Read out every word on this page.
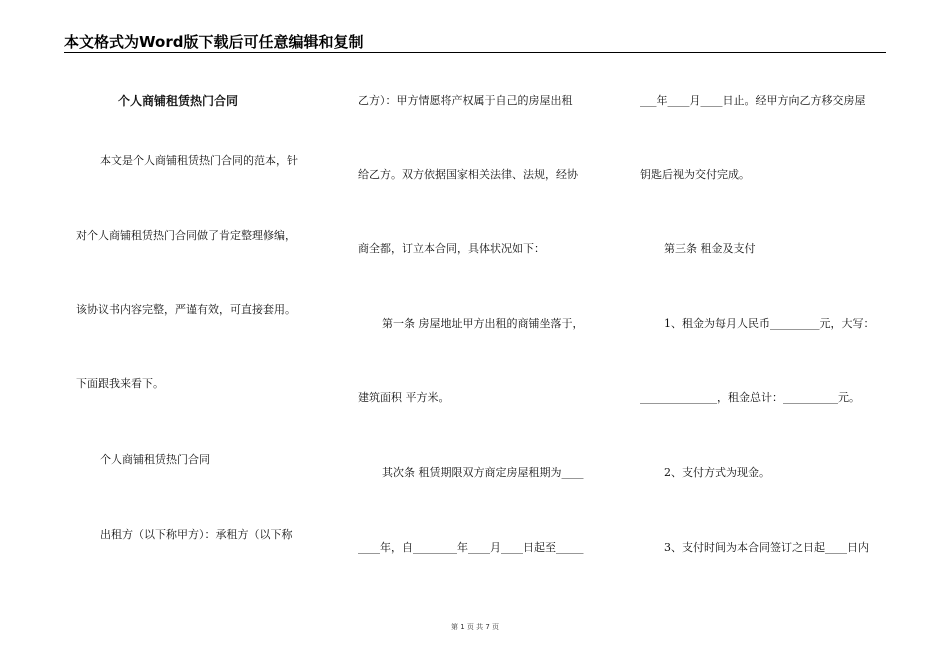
本文格式为Word版下载后可任意编辑和复制
个人商铺租赁热门合同
本文是个人商铺租赁热门合同的范本，针
对个人商铺租赁热门合同做了肯定整理修编，
该协议书内容完整，严谨有效，可直接套用。
下面跟我来看下。
个人商铺租赁热门合同
出租方（以下称甲方）：承租方（以下称
乙方）：甲方情愿将产权属于自己的房屋出租
给乙方。双方依据国家相关法律、法规，经协
商全都，订立本合同，具体状况如下：
第一条 房屋地址甲方出租的商铺坐落于，
建筑面积 平方米。
其次条 租赁期限双方商定房屋租期为____
____年，自________年____月____日起至_____
___年____月____日止。经甲方向乙方移交房屋
钥匙后视为交付完成。
第三条 租金及支付
1、租金为每月人民币_________元，大写：
______________，租金总计：__________元。
2、支付方式为现金。
3、支付时间为本合同签订之日起____日内
第 1 页 共 7 页
